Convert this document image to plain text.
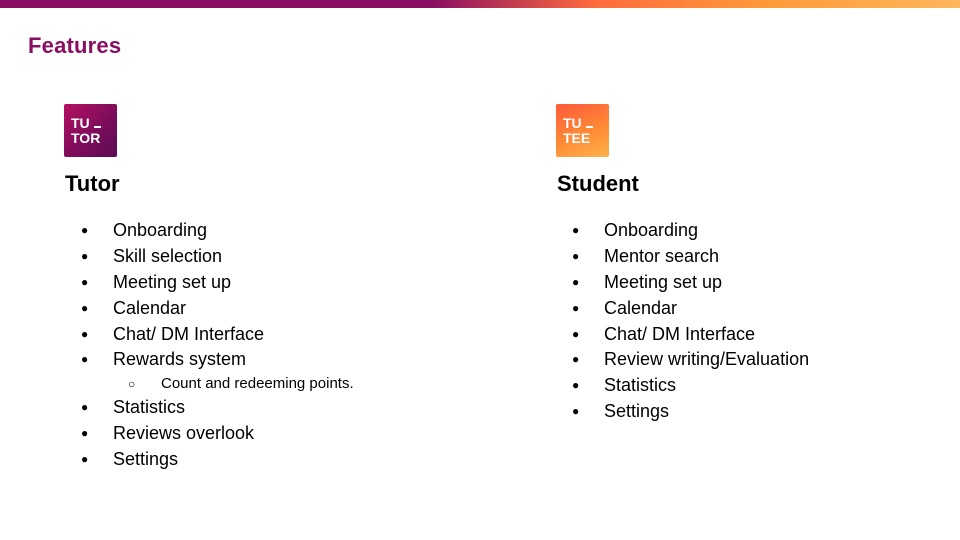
Features
TU
TOR
Tutor
● Onboarding
● Skill selection
● Meeting set up
● Calendar
● Chat/ DM Interface
● Rewards system
○ Count and redeeming points.
● Statistics
● Reviews overlook
● Settings
TU
TEE
Student
● Onboarding
● Mentor search
● Meeting set up
● Calendar
● Chat/ DM Interface
● Review writing/Evaluation
● Statistics
● Settings
